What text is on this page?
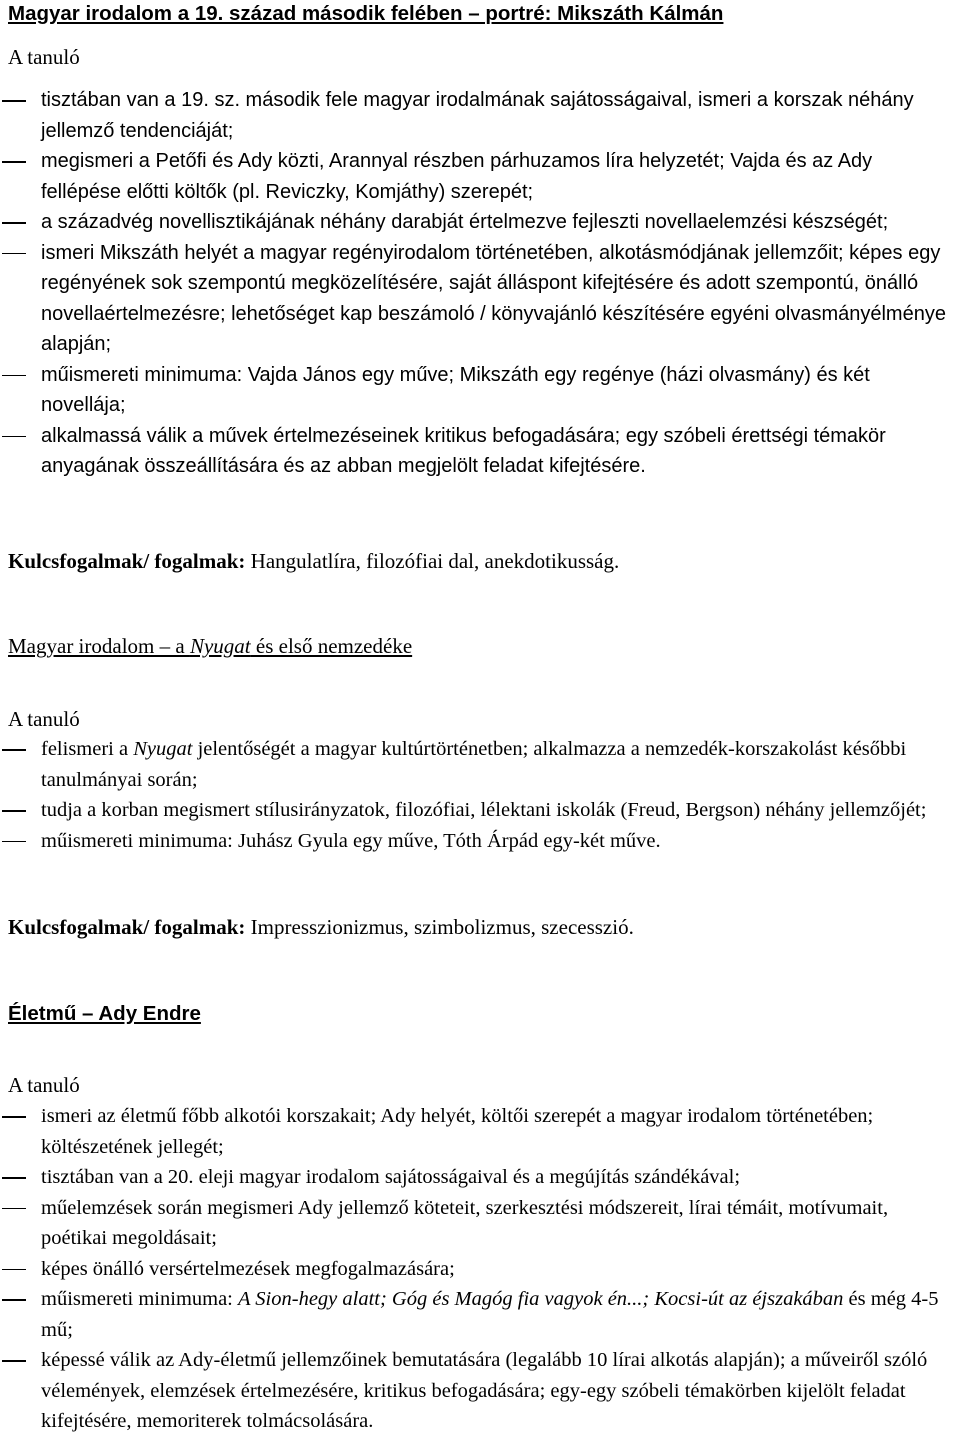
Magyar irodalom a 19. század második felében – portré: Mikszáth Kálmán
A tanuló
tisztában van a 19. sz. második fele magyar irodalmának sajátosságaival, ismeri a korszak néhány jellemző tendenciáját;
megismeri a Petőfi és Ady közti, Arannyal részben párhuzamos líra helyzetét; Vajda és az Ady fellépése előtti költők (pl. Reviczky, Komjáthy) szerepét;
a századvég novellisztikájának néhány darabját értelmezve fejleszti novellaelemzési készségét;
ismeri Mikszáth helyét a magyar regényirodalom történetében, alkotásmódjának jellemzőit; képes egy regényének sok szempontú megközelítésére, saját álláspont kifejtésére és adott szempontú, önálló novellaértelmezésre; lehetőséget kap beszámoló / könyvajánló készítésére egyéni olvasmányélménye alapján;
műismereti minimuma: Vajda János egy műve; Mikszáth egy regénye (házi olvasmány) és két novellája;
alkalmassá válik a művek értelmezéseinek kritikus befogadására; egy szóbeli érettségi témakör anyagának összeállítására és az abban megjelölt feladat kifejtésére.
Kulcsfogalmak/ fogalmak: Hangulatlíra, filozófiai dal, anekdotikusság.
Magyar irodalom – a Nyugat és első nemzedéke
A tanuló
felismeri a Nyugat jelentőségét a magyar kultúrtörténetben; alkalmazza a nemzedék-korszakolást későbbi tanulmányai során;
tudja a korban megismert stílusirányzatok, filozófiai, lélektani iskolák (Freud, Bergson) néhány jellemzőjét;
műismereti minimuma: Juhász Gyula egy műve, Tóth Árpád egy-két műve.
Kulcsfogalmak/ fogalmak: Impresszionizmus, szimbolizmus, szecesszió.
Életmű – Ady Endre
A tanuló
ismeri az életmű főbb alkotói korszakait; Ady helyét, költői szerepét a magyar irodalom történetében; költészetének jellegét;
tisztában van a 20. eleji magyar irodalom sajátosságaival és a megújítás szándékával;
műelemzések során megismeri Ady jellemző köteteit, szerkesztési módszereit, lírai témáit, motívumait, poétikai megoldásait;
képes önálló versértelmezések megfogalmazására;
műismereti minimuma: A Sion-hegy alatt; Góg és Magóg fia vagyok én...; Kocsi-út az éjszakában és még 4-5 mű;
képessé válik az Ady-életmű jellemzőinek bemutatására (legalább 10 lírai alkotás alapján); a műveiről szóló vélemények, elemzések értelmezésére, kritikus befogadására; egy-egy szóbeli témakörben kijelölt feladat kifejtésére, memoriterek tolmácsolására.
